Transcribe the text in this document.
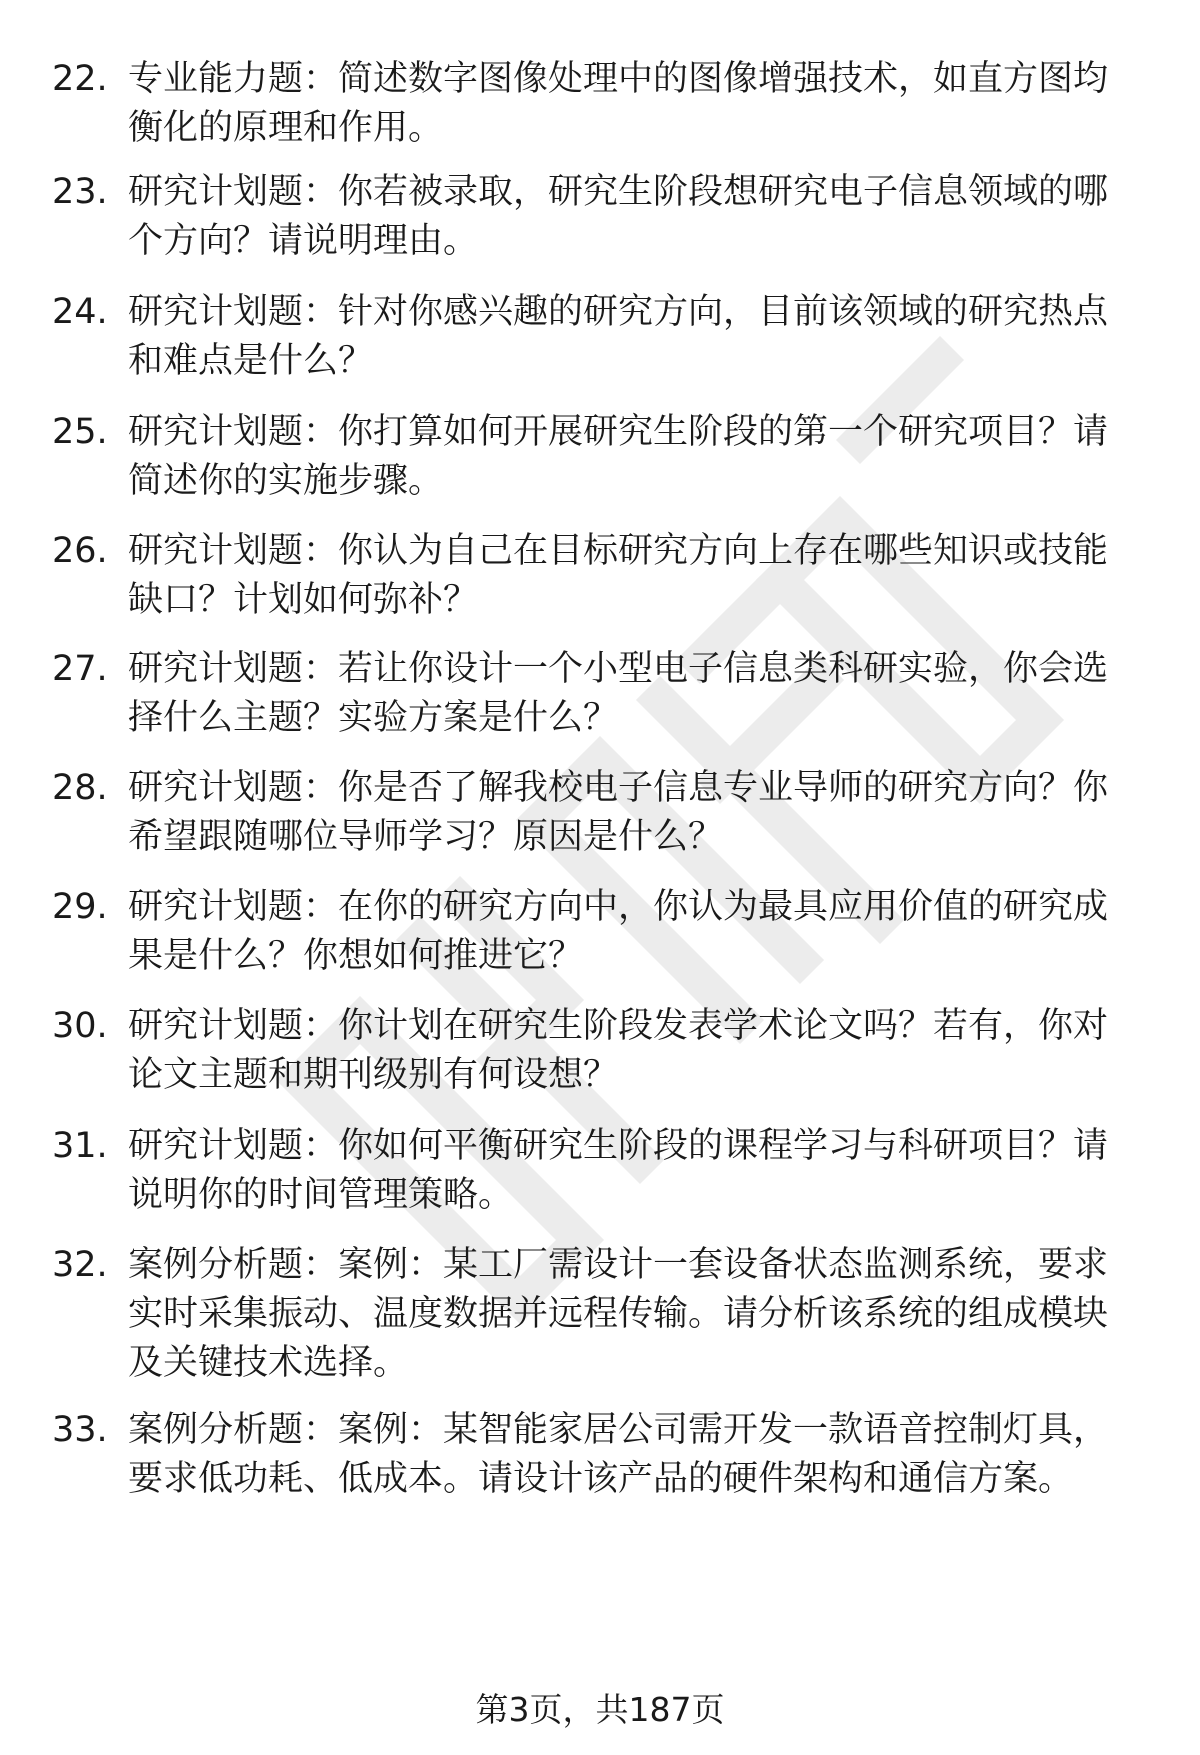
22. 专业能力题：简述数字图像处理中的图像增强技术，如直方图均
衡化的原理和作用。
23. 研究计划题：你若被录取，研究生阶段想研究电子信息领域的哪
个方向？请说明理由。
24. 研究计划题：针对你感兴趣的研究方向，目前该领域的研究热点
和难点是什么？
25. 研究计划题：你打算如何开展研究生阶段的第一个研究项目？请
简述你的实施步骤。
26. 研究计划题：你认为自己在目标研究方向上存在哪些知识或技能
缺口？计划如何弥补？
27. 研究计划题：若让你设计一个小型电子信息类科研实验，你会选
择什么主题？实验方案是什么？
28. 研究计划题：你是否了解我校电子信息专业导师的研究方向？你
希望跟随哪位导师学习？原因是什么？
29. 研究计划题：在你的研究方向中，你认为最具应用价值的研究成
果是什么？你想如何推进它？
30. 研究计划题：你计划在研究生阶段发表学术论文吗？若有，你对
论文主题和期刊级别有何设想？
31. 研究计划题：你如何平衡研究生阶段的课程学习与科研项目？请
说明你的时间管理策略。
32. 案例分析题：案例：某工厂需设计一套设备状态监测系统，要求
实时采集振动、温度数据并远程传输。请分析该系统的组成模块
及关键技术选择。
33. 案例分析题：案例：某智能家居公司需开发一款语音控制灯具，
要求低功耗、低成本。请设计该产品的硬件架构和通信方案。
第3页，共187页
